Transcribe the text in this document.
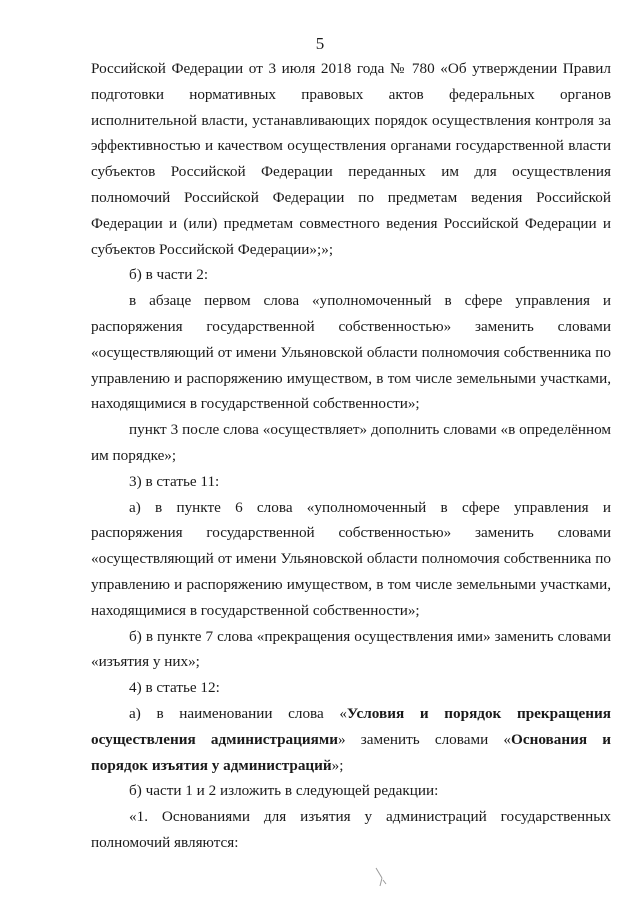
5

Российской Федерации от 3 июля 2018 года № 780 «Об утверждении Правил подготовки нормативных правовых актов федеральных органов исполнительной власти, устанавливающих порядок осуществления контроля за эффективностью и качеством осуществления органами государственной власти субъектов Российской Федерации переданных им для осуществления полномочий Российской Федерации по предметам ведения Российской Федерации и (или) предметам совместного ведения Российской Федерации и субъектов Российской Федерации»;»;

б) в части 2:

в абзаце первом слова «уполномоченный в сфере управления и распоряжения государственной собственностью» заменить словами «осуществляющий от имени Ульяновской области полномочия собственника по управлению и распоряжению имуществом, в том числе земельными участками, находящимися в государственной собственности»;

пункт 3 после слова «осуществляет» дополнить словами «в определённом им порядке»;

3) в статье 11:

а) в пункте 6 слова «уполномоченный в сфере управления и распоряжения государственной собственностью» заменить словами «осуществляющий от имени Ульяновской области полномочия собственника по управлению и распоряжению имуществом, в том числе земельными участками, находящимися в государственной собственности»;

б) в пункте 7 слова «прекращения осуществления ими» заменить словами «изъятия у них»;

4) в статье 12:

а) в наименовании слова «Условия и порядок прекращения осуществления администрациями» заменить словами «Основания и порядок изъятия у администраций»;

б) части 1 и 2 изложить в следующей редакции:

«1. Основаниями для изъятия у администраций государственных полномочий являются:
